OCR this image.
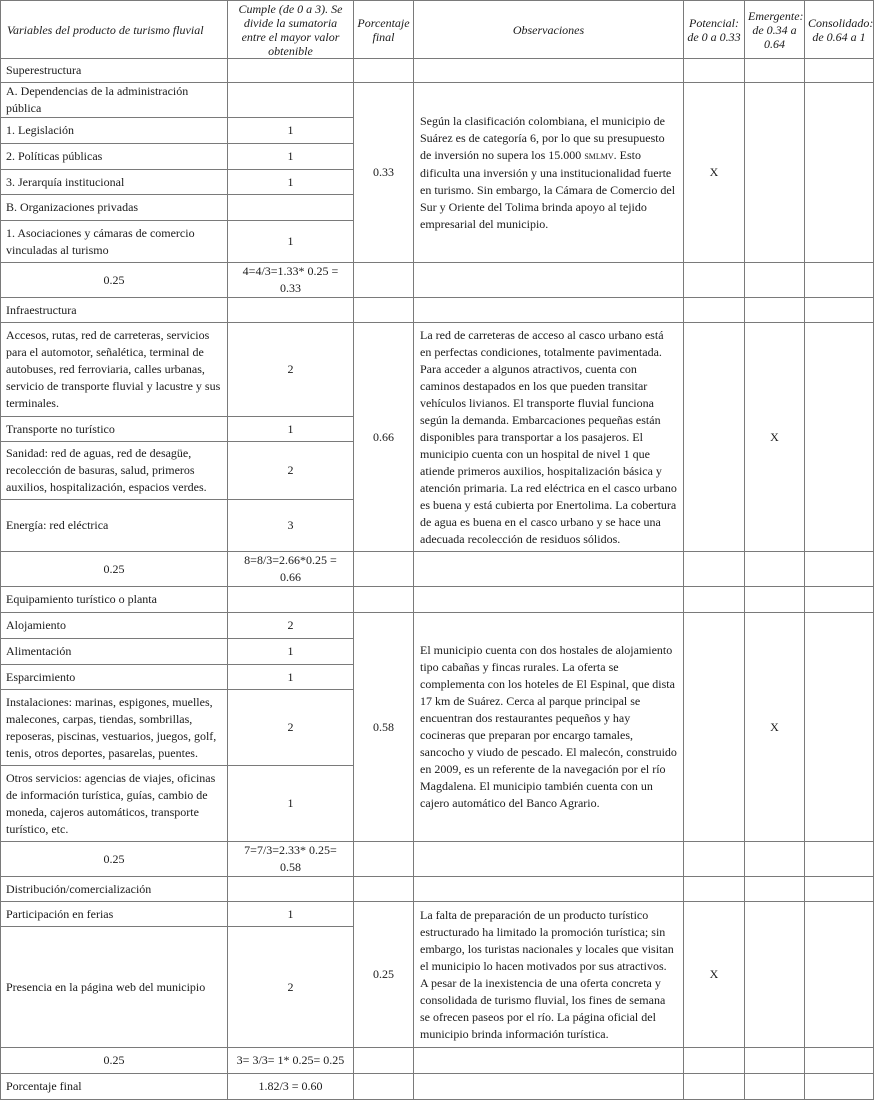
Variables del producto de turismo fluvial	Cumple (de 0 a 3). Se divide la sumatoria entre el mayor valor obtenible	Porcentaje final	Observaciones	Potencial: de 0 a 0.33	Emergente: de 0.34 a 0.64	Consolidado: de 0.64 a 1
Superestructura						
A. Dependencias de la administración pública		0.33	Según la clasificación colombiana, el municipio de Suárez es de categoría 6, por lo que su presupuesto de inversión no supera los 15.000 smlmv. Esto dificulta una inversión y una institucionalidad fuerte en turismo. Sin embargo, la Cámara de Comercio del Sur y Oriente del Tolima brinda apoyo al tejido empresarial del municipio.	X		
1. Legislación	1					
2. Políticas públicas	1					
3. Jerarquía institucional	1					
B. Organizaciones privadas						
1. Asociaciones y cámaras de comercio vinculadas al turismo	1					
0.25	4=4/3=1.33* 0.25 = 0.33					
Infraestructura						
Accesos, rutas, red de carreteras, servicios para el automotor, señalética, terminal de autobuses, red ferroviaria, calles urbanas, servicio de transporte fluvial y lacustre y sus terminales.	2	0.66	La red de carreteras de acceso al casco urbano está en perfectas condiciones, totalmente pavimentada. Para acceder a algunos atractivos, cuenta con caminos destapados en los que pueden transitar vehículos livianos. El transporte fluvial funciona según la demanda. Embarcaciones pequeñas están disponibles para transportar a los pasajeros. El municipio cuenta con un hospital de nivel 1 que atiende primeros auxilios, hospitalización básica y atención primaria. La red eléctrica en el casco urbano es buena y está cubierta por Enertolima. La cobertura de agua es buena en el casco urbano y se hace una adecuada recolección de residuos sólidos.		X	
Transporte no turístico	1					
Sanidad: red de aguas, red de desagüe, recolección de basuras, salud, primeros auxilios, hospitalización, espacios verdes.	2					
Energía: red eléctrica	3					
0.25	8=8/3=2.66*0.25 = 0.66					
Equipamiento turístico o planta						
Alojamiento	2	0.58	El municipio cuenta con dos hostales de alojamiento tipo cabañas y fincas rurales. La oferta se complementa con los hoteles de El Espinal, que dista 17 km de Suárez. Cerca al parque principal se encuentran dos restaurantes pequeños y hay cocineras que preparan por encargo tamales, sancocho y viudo de pescado. El malecón, construido en 2009, es un referente de la navegación por el río Magdalena. El municipio también cuenta con un cajero automático del Banco Agrario.		X	
Alimentación	1					
Esparcimiento	1					
Instalaciones: marinas, espigones, muelles, malecones, carpas, tiendas, sombrillas, reposeras, piscinas, vestuarios, juegos, golf, tenis, otros deportes, pasarelas, puentes.	2					
Otros servicios: agencias de viajes, oficinas de información turística, guías, cambio de moneda, cajeros automáticos, transporte turístico, etc.	1					
0.25	7=7/3=2.33* 0.25= 0.58					
Distribución/comercialización						
Participación en ferias	1	0.25	La falta de preparación de un producto turístico estructurado ha limitado la promoción turística; sin embargo, los turistas nacionales y locales que visitan el municipio lo hacen motivados por sus atractivos. A pesar de la inexistencia de una oferta concreta y consolidada de turismo fluvial, los fines de semana se ofrecen paseos por el río. La página oficial del municipio brinda información turística.	X		
Presencia en la página web del municipio	2					
0.25	3= 3/3= 1* 0.25= 0.25					
Porcentaje final	1.82/3 = 0.60					
